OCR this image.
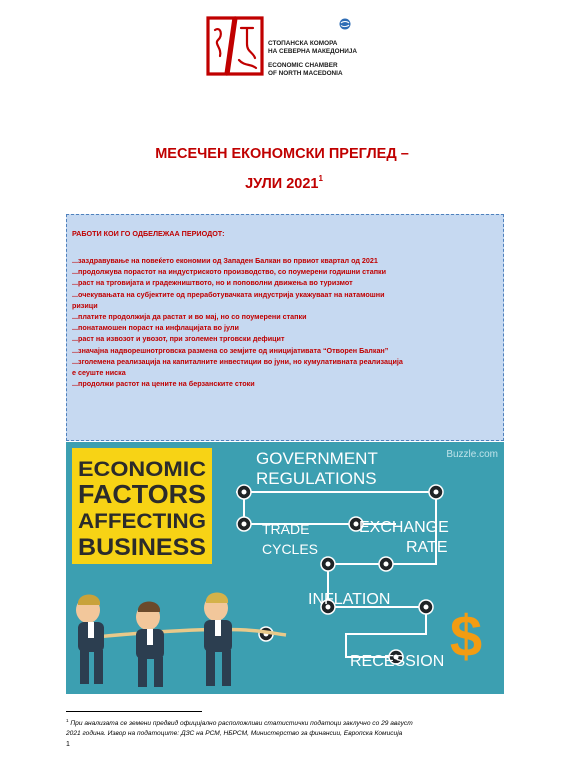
СТОПАНСКА КОМОРА
НА СЕВЕРНА МАКЕДОНИЈА
ECONOMIC CHAMBER
OF NORTH MACEDONIA
МЕСЕЧЕН ЕКОНОМСКИ ПРЕГЛЕД –
ЈУЛИ 2021$^1$
РАБОТИ КОИ ГО ОДБЕЛЕЖАА ПЕРИОДОТ:
...заздравување на повеќето економии од Западен Балкан во првиот квартал од 2021
...продолжува порастот на индустриското производство, со поумерени годишни стапки
...раст на трговијата и градежништвото, но и поповолни движења во туризмот
...очекувањата на субјектите од преработувачката индустрија укажуваат на натамошни
ризици
...платите продолжија да растат и во мај, но со поумерени стапки
...понатамошен пораст на инфлацијата во јули
...раст на извозот и увозот, при зголемен трговски дефицит
...значајна надворешнотрговска размена со земјите од иницијативата “Отворен Балкан”
...зголемена реализација на капиталните инвестиции во јуни, но кумулативната реализација
е сеуште ниска
...продолжи растот на цените на берзанските стоки
ECONOMIC
FACTORS
AFFECTING
BUSINESS
Buzzle.com
GOVERNMENT
REGULATIONS
TRADE
CYCLES
EXCHANGE
RATE
INFLATION
RECESSION $
$^1$ При анализата се земени предвид официјално расположливи статистички податоци заклучно со 29 август
2021 година. Извор на податоците: ДЗС на РСМ, НБРСМ, Министерство за финансии, Европска Комисија
1
